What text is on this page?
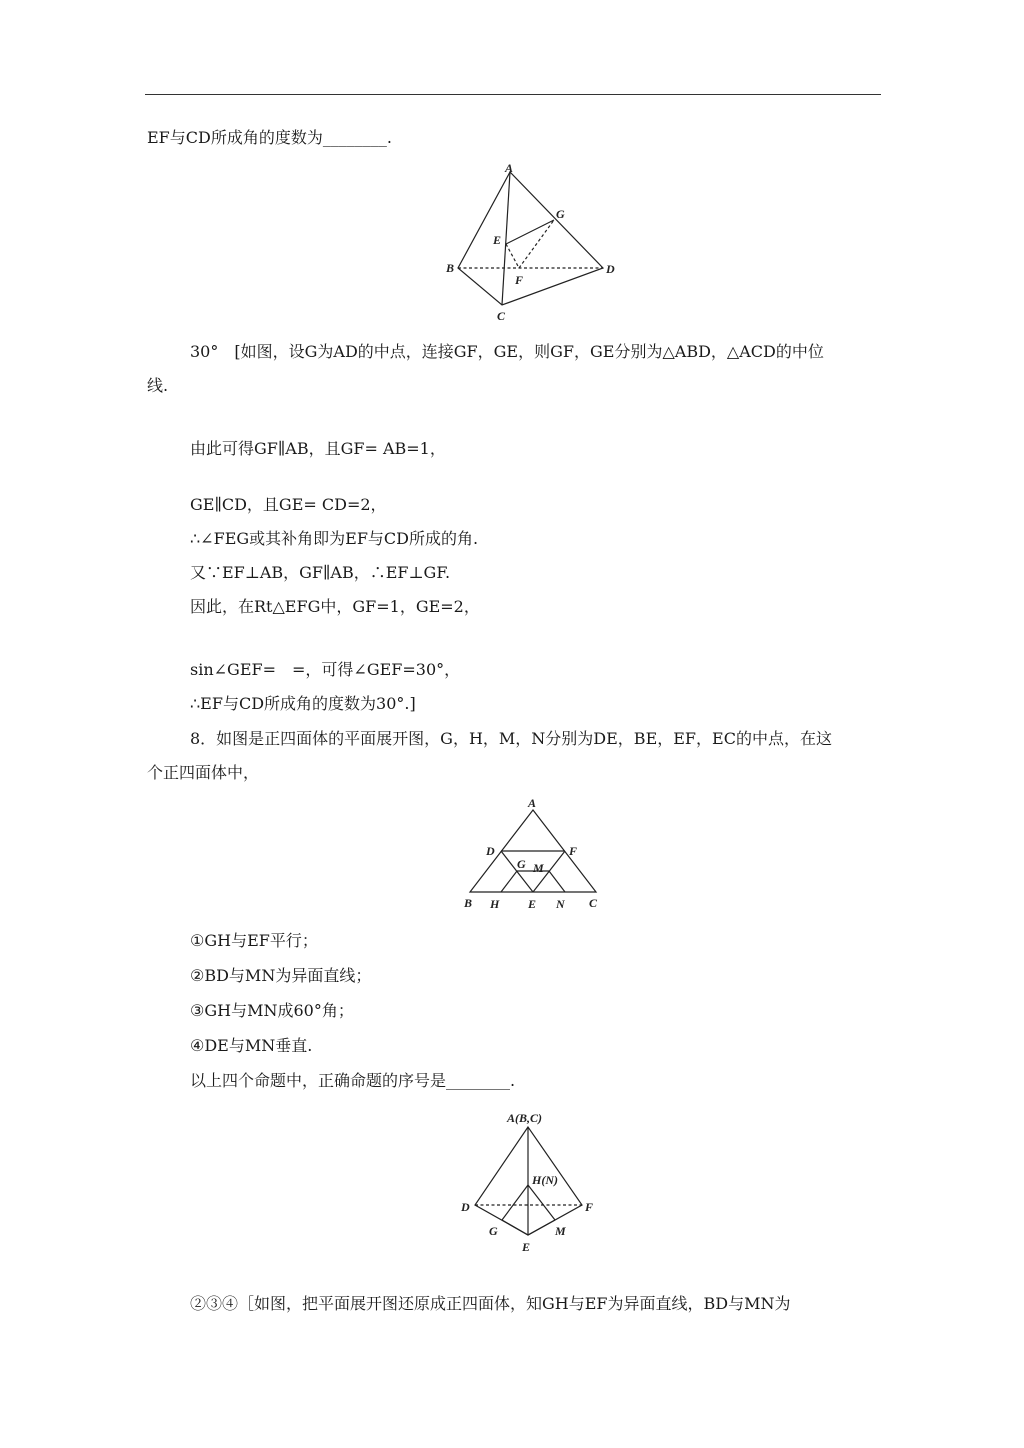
EF与CD所成角的度数为________.
A
B
C
D
E
F
G
30°　[如图，设G为AD的中点，连接GF，GE，则GF，GE分别为△ABD，△ACD的中位
线.
由此可得GF∥AB，且GF= AB=1，
GE∥CD，且GE= CD=2，
∴∠FEG或其补角即为EF与CD所成的角.
又∵EF⊥AB，GF∥AB，∴EF⊥GF.
因此，在Rt△EFG中，GF=1，GE=2，
sin∠GEF=　=，可得∠GEF=30°，
∴EF与CD所成角的度数为30°.]
8．如图是正四面体的平面展开图，G，H，M，N分别为DE，BE，EF，EC的中点，在这
个正四面体中，
A
B	C
D
E
F
G
H
M
N
①GH与EF平行；
②BD与MN为异面直线；
③GH与MN成60°角；
④DE与MN垂直.
以上四个命题中，正确命题的序号是________.
A(B,C)
H(N)
D
E
F
G	M
②③④［如图，把平面展开图还原成正四面体，知GH与EF为异面直线，BD与MN为
